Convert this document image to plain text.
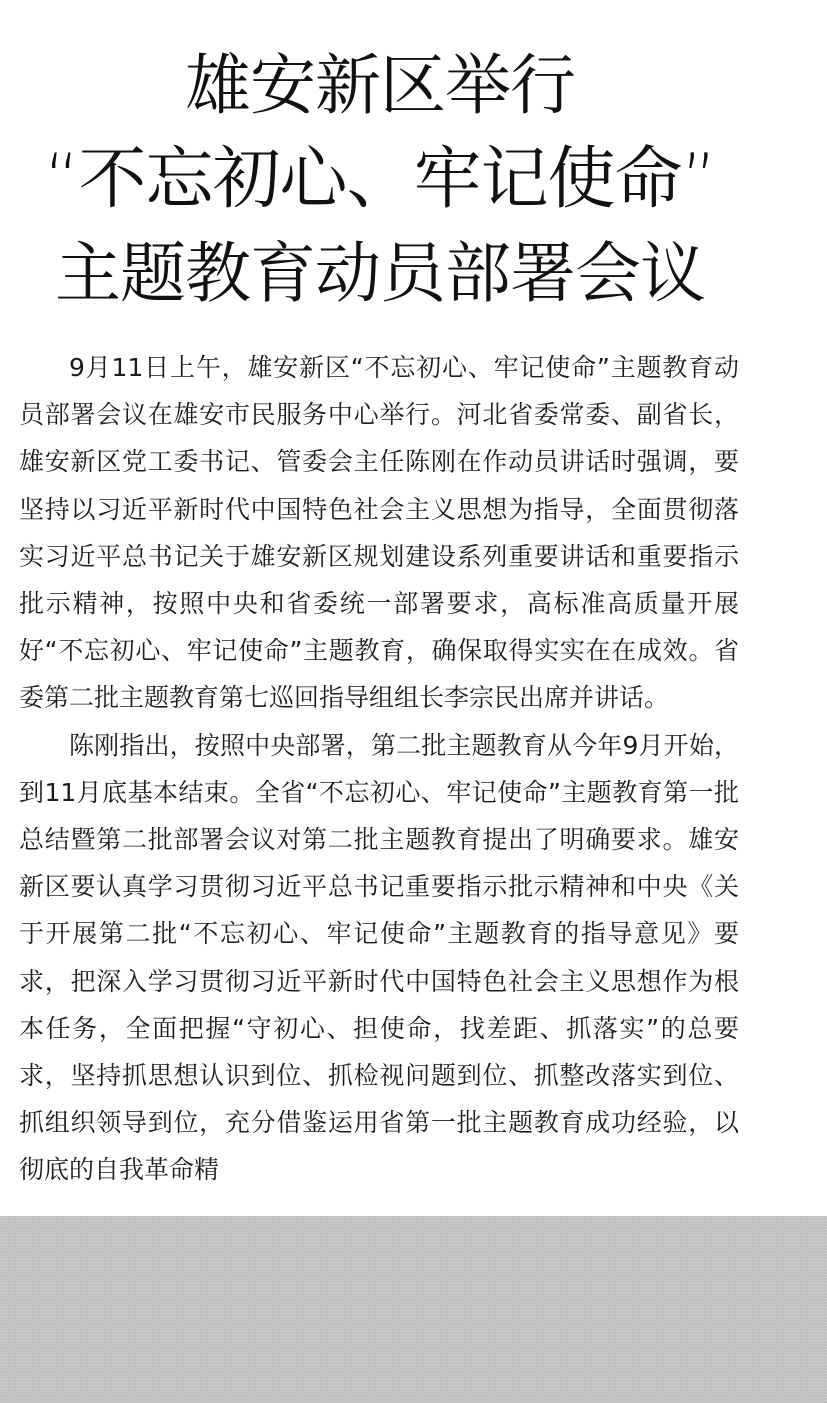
雄安新区举行
“不忘初心、牢记使命”
主题教育动员部署会议

9月11日上午，雄安新区“不忘初心、牢记使命”主题教育动员部署会议在雄安市民服务中心举行。河北省委常委、副省长，雄安新区党工委书记、管委会主任陈刚在作动员讲话时强调，要坚持以习近平新时代中国特色社会主义思想为指导，全面贯彻落实习近平总书记关于雄安新区规划建设系列重要讲话和重要指示批示精神，按照中央和省委统一部署要求，高标准高质量开展好“不忘初心、牢记使命”主题教育，确保取得实实在在成效。省委第二批主题教育第七巡回指导组组长李宗民出席并讲话。

陈刚指出，按照中央部署，第二批主题教育从今年9月开始，到11月底基本结束。全省“不忘初心、牢记使命”主题教育第一批总结暨第二批部署会议对第二批主题教育提出了明确要求。雄安新区要认真学习贯彻习近平总书记重要指示批示精神和中央《关于开展第二批“不忘初心、牢记使命”主题教育的指导意见》要求，把深入学习贯彻习近平新时代中国特色社会主义思想作为根本任务，全面把握“守初心、担使命，找差距、抓落实”的总要求，坚持抓思想认识到位、抓检视问题到位、抓整改落实到位、抓组织领导到位，充分借鉴运用省第一批主题教育成功经验，以彻底的自我革命精
